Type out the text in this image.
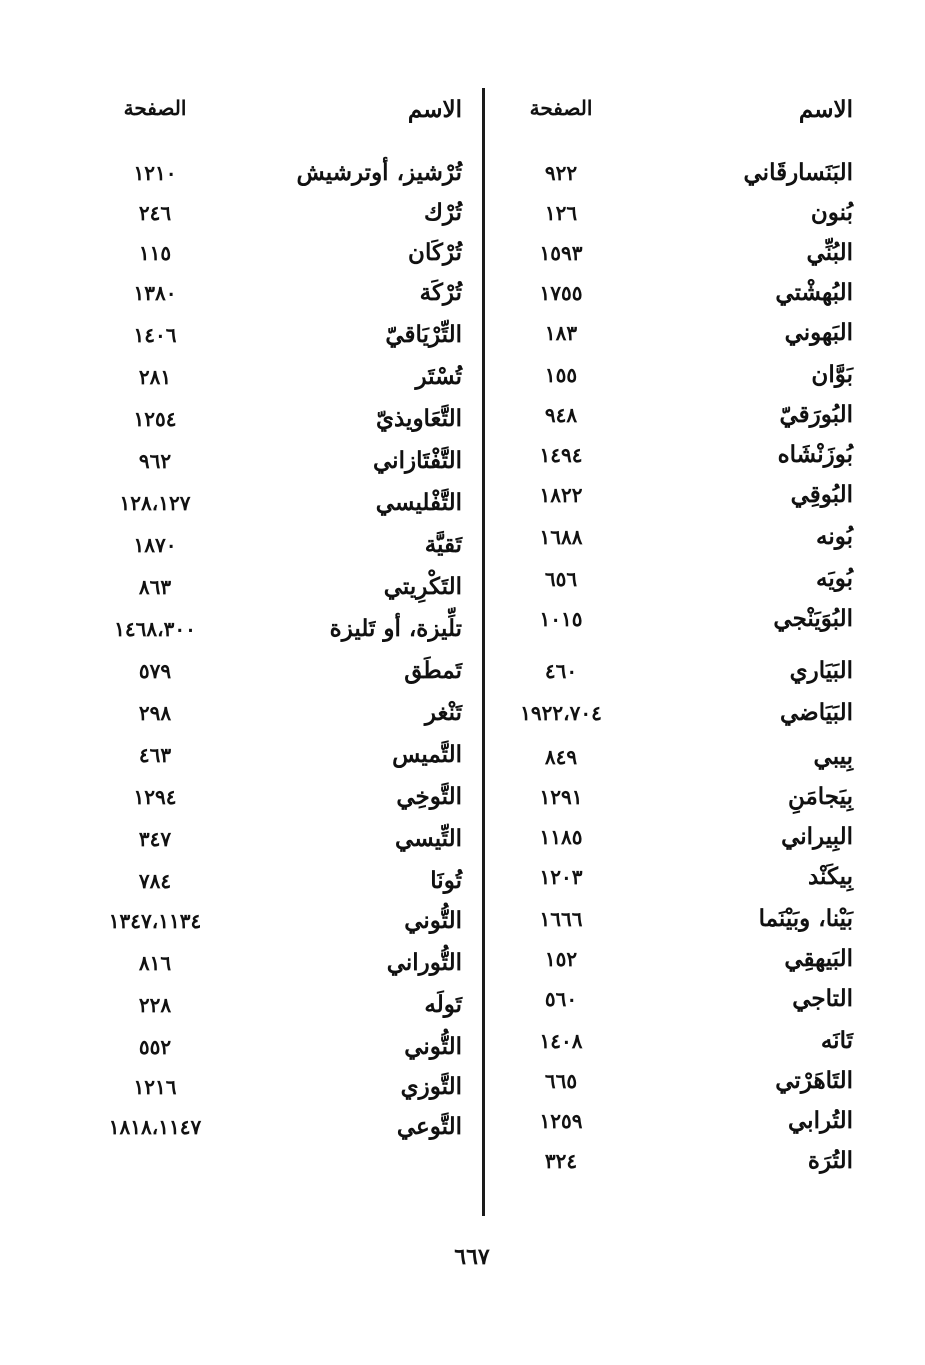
الاسم
الصفحة
البَنَسارقَاني
٩٢٢
بُنون
١٢٦
البُنِّي
١٥٩٣
البُهشْتي
١٧٥٥
البَهوني
١٨٣
بَوَّان
١٥٥
البُورَقيّ
٩٤٨
بُوزَنْشَاه
١٤٩٤
البُوقِي
١٨٢٢
بُونه
١٦٨٨
بُويَه
٦٥٦
البُوَيَنْجي
١٠١٥
البَيَاري
٤٦٠
البَيَاضي
١٩٢٢،٧٠٤
بِيبي
٨٤٩
بِيَجامَنِ
١٢٩١
البِيراني
١١٨٥
بِيكَنْد
١٢٠٣
بَيْنا، وبَيْنَما
١٦٦٦
البَيهقِي
١٥٢
التاجي
٥٦٠
تَانَه
١٤٠٨
التَاهَرْتي
٦٦٥
التُرابي
١٢٥٩
التُرَة
٣٢٤
الاسم
الصفحة
تُرْشيز، أوترشيش
١٢١٠
تُرْك
٢٤٦
تُرْكَان
١١٥
تُرْكَة
١٣٨٠
التِّرْيَاقيّ
١٤٠٦
تُسْتَر
٢٨١
التَّعَاويذيّ
١٢٥٤
التَّفْتَازاني
٩٦٢
التَّفْليسي
١٢٨،١٢٧
تَقيَّة
١٨٧٠
التَكْرِيتي
٨٦٣
تلِّيزة، أو تَليزة
١٤٦٨،٣٠٠
تَمطَق
٥٧٩
تَنْغر
٢٩٨
التَّميس
٤٦٣
التَّوخِي
١٢٩٤
التِّيسي
٣٤٧
تُونَا
٧٨٤
التُّوني
١٣٤٧،١١٣٤
التُّوراني
٨١٦
تَولَه
٢٢٨
التُّوني
٥٥٢
التَّوزي
١٢١٦
التَّوعي
١٨١٨،١١٤٧
٦٦٧
